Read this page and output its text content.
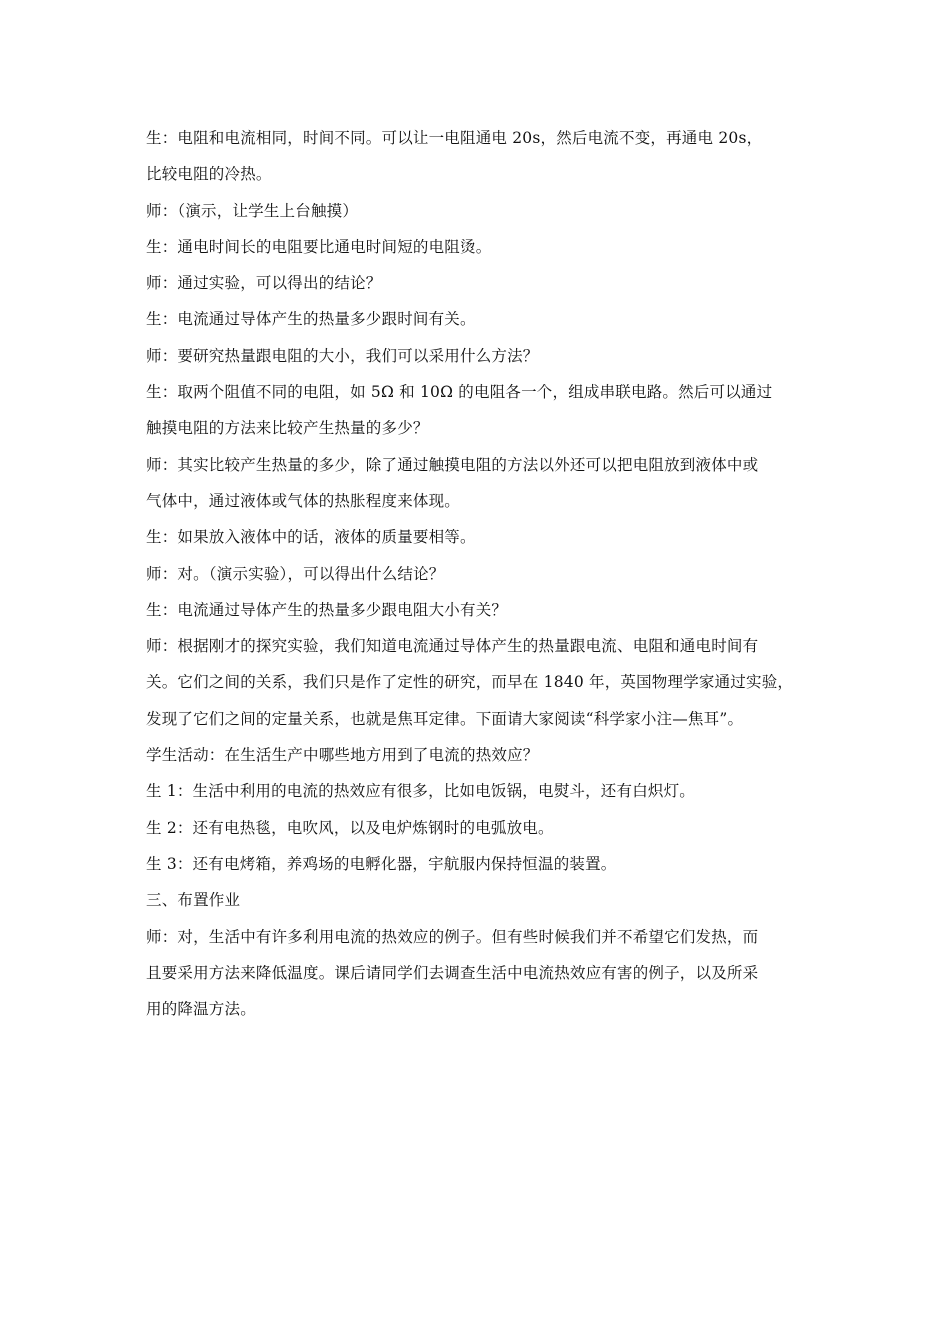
生：电阻和电流相同，时间不同。可以让一电阻通电 20s，然后电流不变，再通电 20s，
比较电阻的冷热。

师：（演示，让学生上台触摸）

生：通电时间长的电阻要比通电时间短的电阻烫。

师：通过实验，可以得出的结论？

生：电流通过导体产生的热量多少跟时间有关。

师：要研究热量跟电阻的大小，我们可以采用什么方法？

生：取两个阻值不同的电阻，如 5Ω 和 10Ω 的电阻各一个，组成串联电路。然后可以通过
触摸电阻的方法来比较产生热量的多少？

师：其实比较产生热量的多少，除了通过触摸电阻的方法以外还可以把电阻放到液体中或
气体中，通过液体或气体的热胀程度来体现。

生：如果放入液体中的话，液体的质量要相等。

师：对。（演示实验），可以得出什么结论？

生：电流通过导体产生的热量多少跟电阻大小有关？

师：根据刚才的探究实验，我们知道电流通过导体产生的热量跟电流、电阻和通电时间有
关。它们之间的关系，我们只是作了定性的研究，而早在 1840 年，英国物理学家通过实验，
发现了它们之间的定量关系，也就是焦耳定律。下面请大家阅读“科学家小注—焦耳”。

学生活动：在生活生产中哪些地方用到了电流的热效应？

生 1：生活中利用的电流的热效应有很多，比如电饭锅，电熨斗，还有白炽灯。

生 2：还有电热毯，电吹风，以及电炉炼钢时的电弧放电。

生 3：还有电烤箱，养鸡场的电孵化器，宇航服内保持恒温的装置。

三、布置作业

师：对，生活中有许多利用电流的热效应的例子。但有些时候我们并不希望它们发热，而
且要采用方法来降低温度。课后请同学们去调查生活中电流热效应有害的例子，以及所采
用的降温方法。
